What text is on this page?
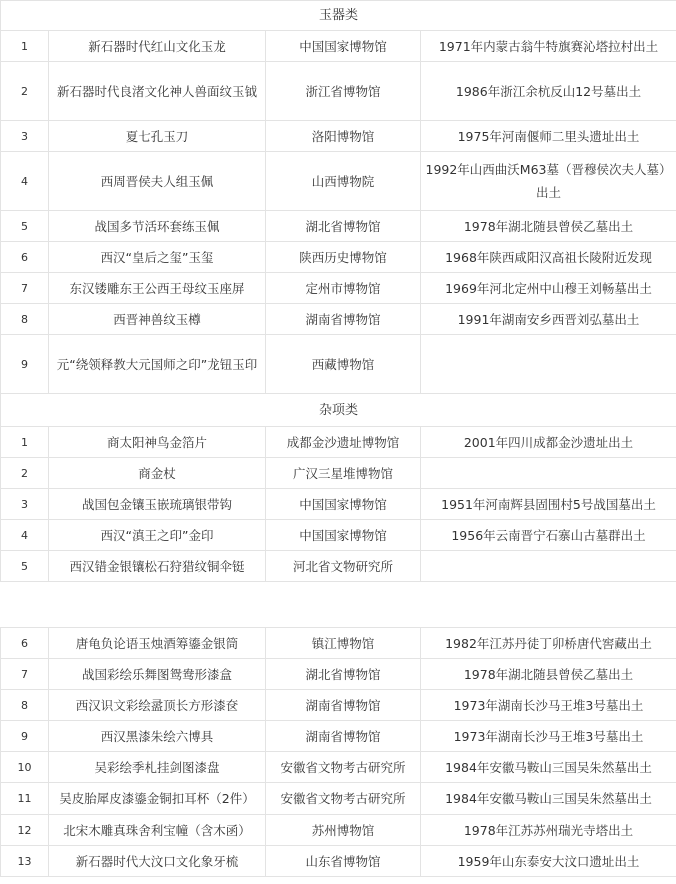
玉器类			
1	新石器时代红山文化玉龙	中国国家博物馆	1971年内蒙古翁牛特旗赛沁塔拉村出土
2	新石器时代良渚文化神人兽面纹玉钺	浙江省博物馆	1986年浙江余杭反山12号墓出土
3	夏七孔玉刀	洛阳博物馆	1975年河南偃师二里头遗址出土
4	西周晋侯夫人组玉佩	山西博物院	1992年山西曲沃M63墓（晋穆侯次夫人墓）出土
5	战国多节活环套练玉佩	湖北省博物馆	1978年湖北随县曾侯乙墓出土
6	西汉“皇后之玺”玉玺	陕西历史博物馆	1968年陕西咸阳汉高祖长陵附近发现
7	东汉镂雕东王公西王母纹玉座屏	定州市博物馆	1969年河北定州中山穆王刘畅墓出土
8	西晋神兽纹玉樽	湖南省博物馆	1991年湖南安乡西晋刘弘墓出土
9	元“绕领释教大元国师之印”龙钮玉印	西藏博物馆	
杂项类			
1	商太阳神鸟金箔片	成都金沙遗址博物馆	2001年四川成都金沙遗址出土
2	商金杖	广汉三星堆博物馆	
3	战国包金镶玉嵌琉璃银带钩	中国国家博物馆	1951年河南辉县固围村5号战国墓出土
4	西汉“滇王之印”金印	中国国家博物馆	1956年云南晋宁石寨山古墓群出土
5	西汉错金银镶松石狩猎纹铜伞铤	河北省文物研究所	
6	唐龟负论语玉烛酒筹鎏金银筒	镇江博物馆	1982年江苏丹徒丁卯桥唐代窖藏出土
7	战国彩绘乐舞图鸳鸯形漆盒	湖北省博物馆	1978年湖北随县曾侯乙墓出土
8	西汉识文彩绘盝顶长方形漆奁	湖南省博物馆	1973年湖南长沙马王堆3号墓出土
9	西汉黑漆朱绘六博具	湖南省博物馆	1973年湖南长沙马王堆3号墓出土
10	吴彩绘季札挂剑图漆盘	安徽省文物考古研究所	1984年安徽马鞍山三国吴朱然墓出土
11	吴皮胎犀皮漆鎏金铜扣耳杯（2件）	安徽省文物考古研究所	1984年安徽马鞍山三国吴朱然墓出土
12	北宋木雕真珠舍利宝幢（含木函）	苏州博物馆	1978年江苏苏州瑞光寺塔出土
13	新石器时代大汶口文化象牙梳	山东省博物馆	1959年山东泰安大汶口遗址出土
